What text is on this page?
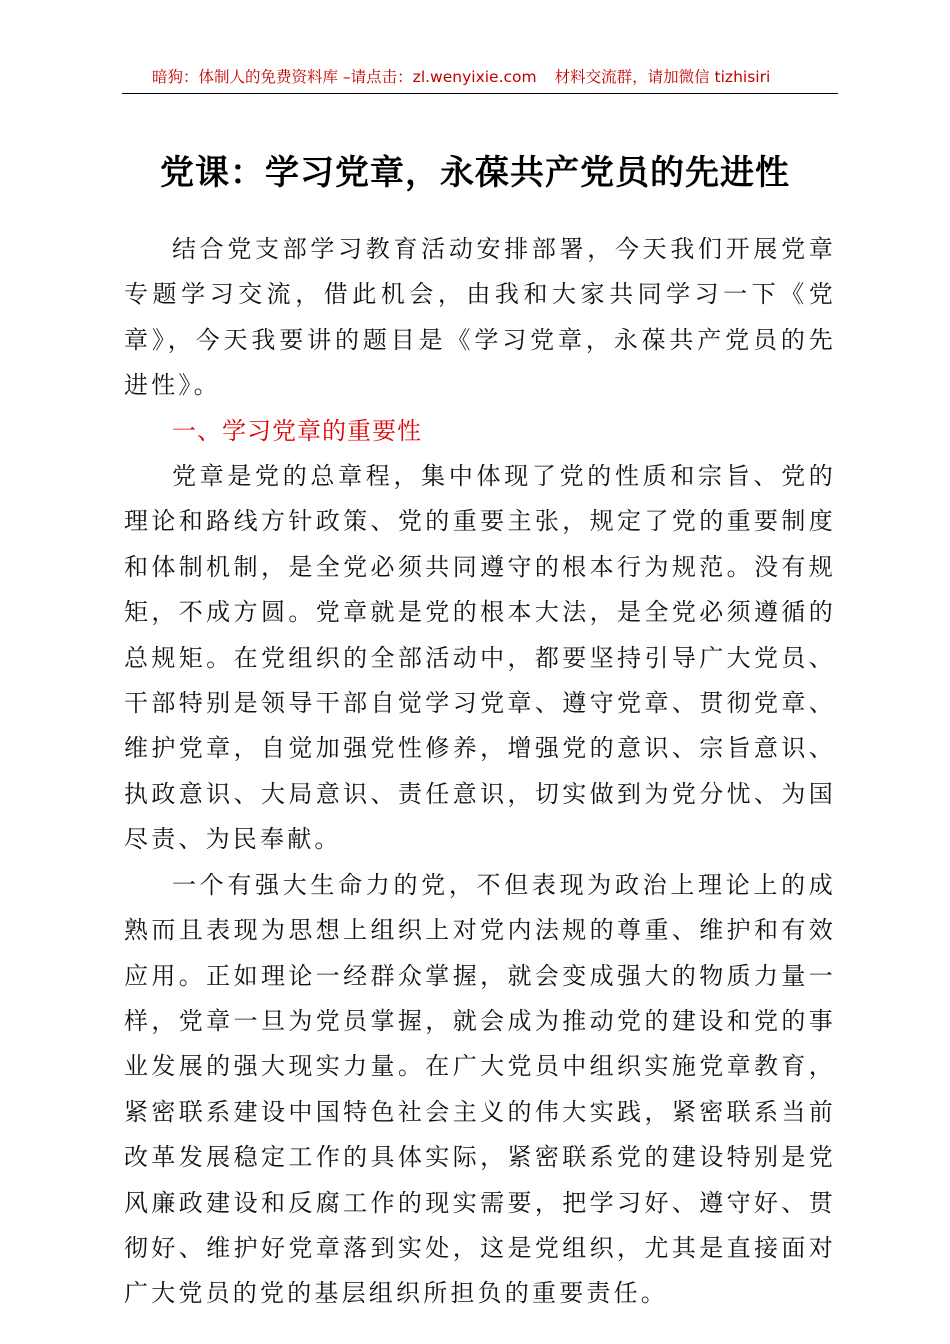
暗狗：体制人的免费资料库 –请点击：zl.wenyixie.com 材料交流群，请加微信 tizhisiri
党课：学习党章，永葆共产党员的先进性

结合党支部学习教育活动安排部署，今天我们开展党章专题学习交流，借此机会，由我和大家共同学习一下《党章》，今天我要讲的题目是《学习党章，永葆共产党员的先进性》。

一、学习党章的重要性

党章是党的总章程，集中体现了党的性质和宗旨、党的理论和路线方针政策、党的重要主张，规定了党的重要制度和体制机制，是全党必须共同遵守的根本行为规范。没有规矩，不成方圆。党章就是党的根本大法，是全党必须遵循的总规矩。在党组织的全部活动中，都要坚持引导广大党员、干部特别是领导干部自觉学习党章、遵守党章、贯彻党章、维护党章，自觉加强党性修养，增强党的意识、宗旨意识、执政意识、大局意识、责任意识，切实做到为党分忧、为国尽责、为民奉献。

一个有强大生命力的党，不但表现为政治上理论上的成熟而且表现为思想上组织上对党内法规的尊重、维护和有效应用。正如理论一经群众掌握，就会变成强大的物质力量一样，党章一旦为党员掌握，就会成为推动党的建设和党的事业发展的强大现实力量。在广大党员中组织实施党章教育，紧密联系建设中国特色社会主义的伟大实践，紧密联系当前改革发展稳定工作的具体实际，紧密联系党的建设特别是党风廉政建设和反腐工作的现实需要，把学习好、遵守好、贯彻好、维护好党章落到实处，这是党组织，尤其是直接面对广大党员的党的基层组织所担负的重要责任。
